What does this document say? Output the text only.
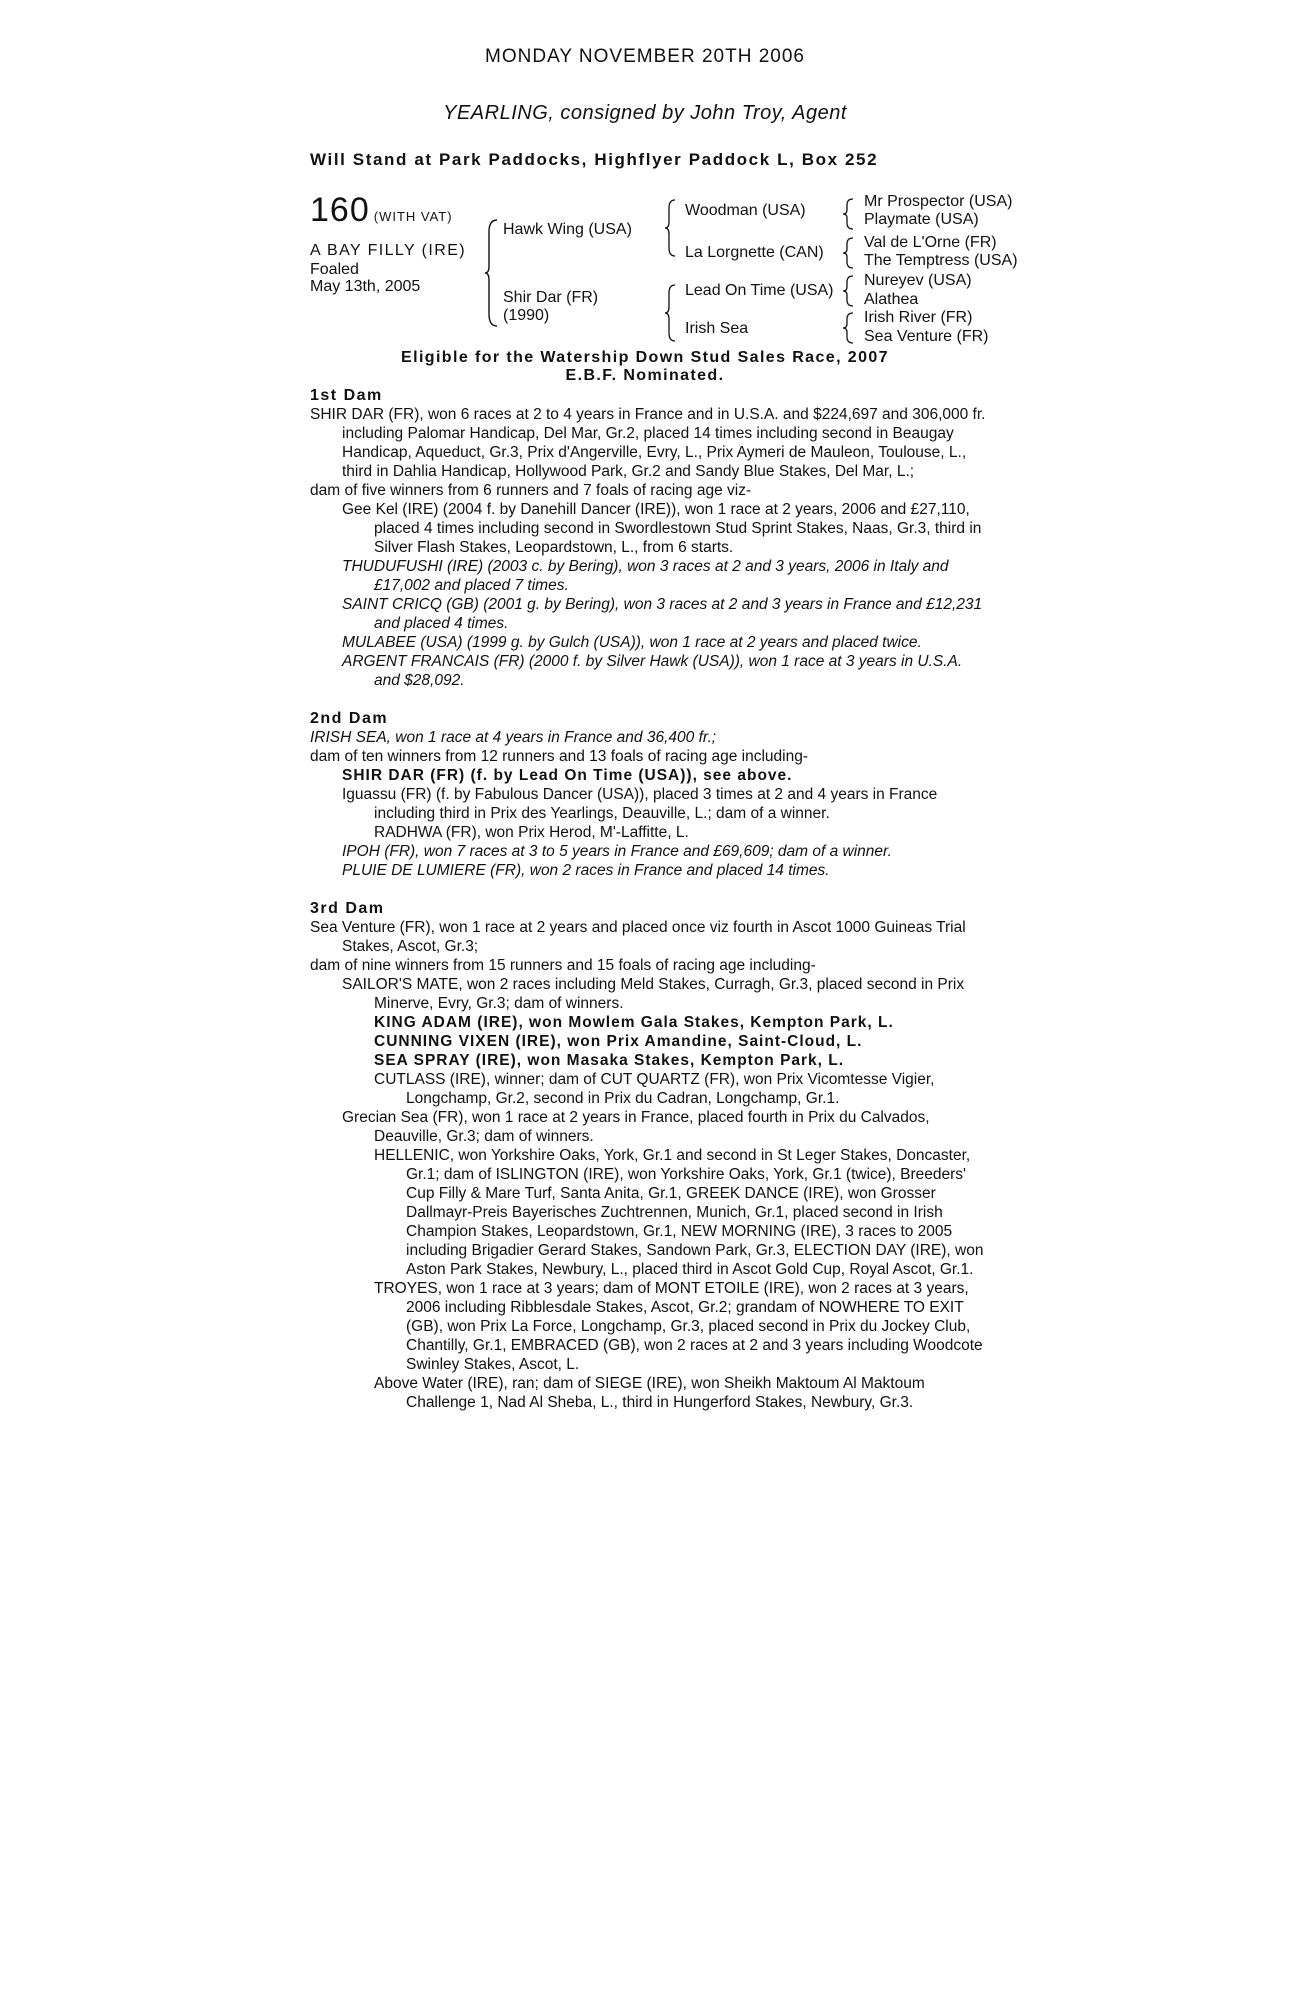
MONDAY NOVEMBER 20TH 2006
YEARLING, consigned by John Troy, Agent
Will Stand at Park Paddocks, Highflyer Paddock L, Box 252
160 (WITH VAT)
A BAY FILLY (IRE)
Foaled
May 13th, 2005
Hawk Wing (USA)
Shir Dar (FR)
(1990)
Woodman (USA)
La Lorgnette (CAN)
Lead On Time (USA)
Irish Sea
Mr Prospector (USA)
Playmate (USA)
Val de L'Orne (FR)
The Temptress (USA)
Nureyev (USA)
Alathea
Irish River (FR)
Sea Venture (FR)
Eligible for the Watership Down Stud Sales Race, 2007
E.B.F. Nominated.
1st Dam

SHIR DAR (FR), won 6 races at 2 to 4 years in France and in U.S.A. and $224,697 and 306,000 fr. including Palomar Handicap, Del Mar, Gr.2, placed 14 times including second in Beaugay Handicap, Aqueduct, Gr.3, Prix d'Angerville, Evry, L., Prix Aymeri de Mauleon, Toulouse, L., third in Dahlia Handicap, Hollywood Park, Gr.2 and Sandy Blue Stakes, Del Mar, L.;

dam of five winners from 6 runners and 7 foals of racing age viz-

Gee Kel (IRE) (2004 f. by Danehill Dancer (IRE)), won 1 race at 2 years, 2006 and £27,110, placed 4 times including second in Swordlestown Stud Sprint Stakes, Naas, Gr.3, third in Silver Flash Stakes, Leopardstown, L., from 6 starts.

THUDUFUSHI (IRE) (2003 c. by Bering), won 3 races at 2 and 3 years, 2006 in Italy and £17,002 and placed 7 times.

SAINT CRICQ (GB) (2001 g. by Bering), won 3 races at 2 and 3 years in France and £12,231 and placed 4 times.

MULABEE (USA) (1999 g. by Gulch (USA)), won 1 race at 2 years and placed twice.

ARGENT FRANCAIS (FR) (2000 f. by Silver Hawk (USA)), won 1 race at 3 years in U.S.A. and $28,092.

2nd Dam

IRISH SEA, won 1 race at 4 years in France and 36,400 fr.;

dam of ten winners from 12 runners and 13 foals of racing age including-

SHIR DAR (FR) (f. by Lead On Time (USA)), see above.

Iguassu (FR) (f. by Fabulous Dancer (USA)), placed 3 times at 2 and 4 years in France including third in Prix des Yearlings, Deauville, L.; dam of a winner.

RADHWA (FR), won Prix Herod, M'-Laffitte, L.

IPOH (FR), won 7 races at 3 to 5 years in France and £69,609; dam of a winner.

PLUIE DE LUMIERE (FR), won 2 races in France and placed 14 times.

3rd Dam

Sea Venture (FR), won 1 race at 2 years and placed once viz fourth in Ascot 1000 Guineas Trial Stakes, Ascot, Gr.3;

dam of nine winners from 15 runners and 15 foals of racing age including-

SAILOR'S MATE, won 2 races including Meld Stakes, Curragh, Gr.3, placed second in Prix Minerve, Evry, Gr.3; dam of winners.

KING ADAM (IRE), won Mowlem Gala Stakes, Kempton Park, L.

CUNNING VIXEN (IRE), won Prix Amandine, Saint-Cloud, L.

SEA SPRAY (IRE), won Masaka Stakes, Kempton Park, L.

CUTLASS (IRE), winner; dam of CUT QUARTZ (FR), won Prix Vicomtesse Vigier, Longchamp, Gr.2, second in Prix du Cadran, Longchamp, Gr.1.

Grecian Sea (FR), won 1 race at 2 years in France, placed fourth in Prix du Calvados, Deauville, Gr.3; dam of winners.

HELLENIC, won Yorkshire Oaks, York, Gr.1 and second in St Leger Stakes, Doncaster, Gr.1; dam of ISLINGTON (IRE), won Yorkshire Oaks, York, Gr.1 (twice), Breeders' Cup Filly & Mare Turf, Santa Anita, Gr.1, GREEK DANCE (IRE), won Grosser Dallmayr-Preis Bayerisches Zuchtrennen, Munich, Gr.1, placed second in Irish Champion Stakes, Leopardstown, Gr.1, NEW MORNING (IRE), 3 races to 2005 including Brigadier Gerard Stakes, Sandown Park, Gr.3, ELECTION DAY (IRE), won Aston Park Stakes, Newbury, L., placed third in Ascot Gold Cup, Royal Ascot, Gr.1.

TROYES, won 1 race at 3 years; dam of MONT ETOILE (IRE), won 2 races at 3 years, 2006 including Ribblesdale Stakes, Ascot, Gr.2; grandam of NOWHERE TO EXIT (GB), won Prix La Force, Longchamp, Gr.3, placed second in Prix du Jockey Club, Chantilly, Gr.1, EMBRACED (GB), won 2 races at 2 and 3 years including Woodcote Swinley Stakes, Ascot, L.

Above Water (IRE), ran; dam of SIEGE (IRE), won Sheikh Maktoum Al Maktoum Challenge 1, Nad Al Sheba, L., third in Hungerford Stakes, Newbury, Gr.3.
